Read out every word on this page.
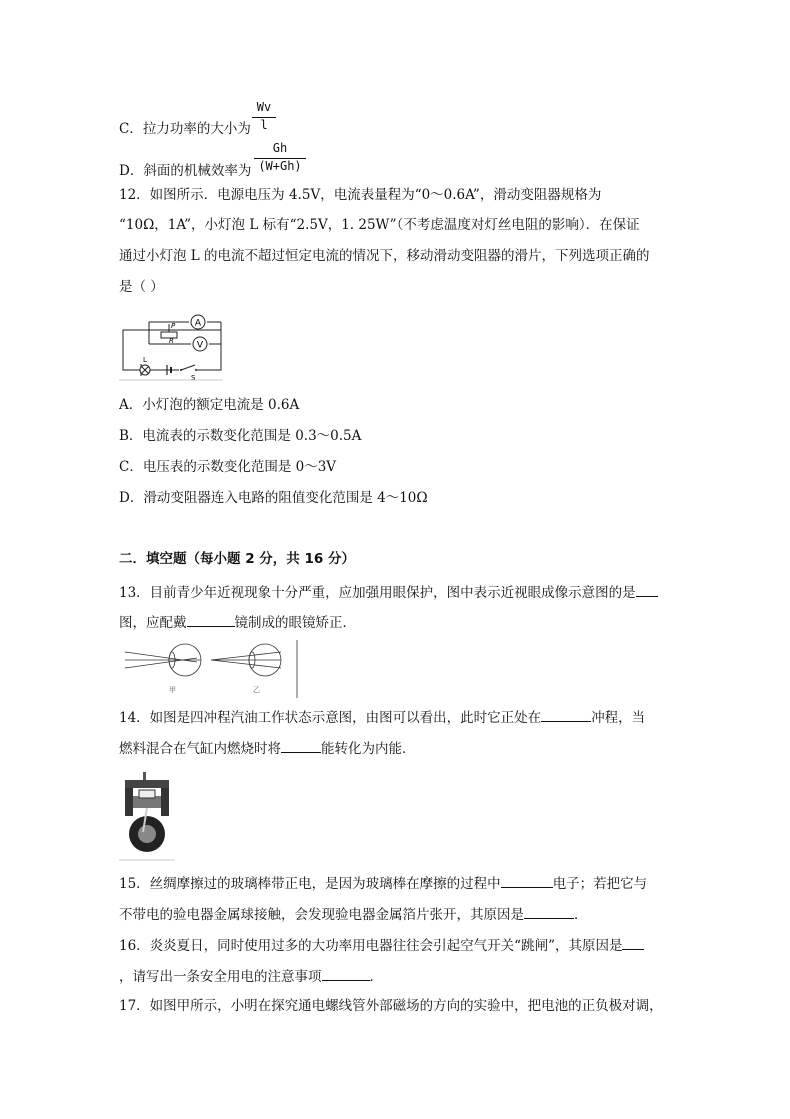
C．拉力功率的大小为
Wv
l
D．斜面的机械效率为
Gh
(W+Gh)
12．如图所示．电源电压为 4.5V，电流表量程为“0～0.6A”，滑动变阻器规格为
“10Ω，1A”，小灯泡 L 标有“2.5V，1. 25W”（不考虑温度对灯丝电阻的影响）．在保证
通过小灯泡 L 的电流不超过恒定电流的情况下，移动滑动变阻器的滑片，下列选项正确的
是（ ）
A
V
P
R
L
S
A．小灯泡的额定电流是 0.6A
B．电流表的示数变化范围是 0.3～0.5A
C．电压表的示数变化范围是 0～3V
D．滑动变阻器连入电路的阻值变化范围是 4～10Ω
二．填空题（每小题 2 分，共 16 分）
13．目前青少年近视现象十分严重，应加强用眼保护，图中表示近视眼成像示意图的是
图，应配戴	镜制成的眼镜矫正．
甲	乙
14．如图是四冲程汽油工作状态示意图，由图可以看出，此时它正处在	冲程，当
燃料混合在气缸内燃烧时将	能转化为内能．
15．丝绸摩擦过的玻璃棒带正电，是因为玻璃棒在摩擦的过程中	电子；若把它与
不带电的验电器金属球接触，会发现验电器金属箔片张开，其原因是	．
16．炎炎夏日，同时使用过多的大功率用电器往往会引起空气开关“跳闸”，其原因是
，请写出一条安全用电的注意事项	．
17．如图甲所示，小明在探究通电螺线管外部磁场的方向的实验中，把电池的正负极对调，
